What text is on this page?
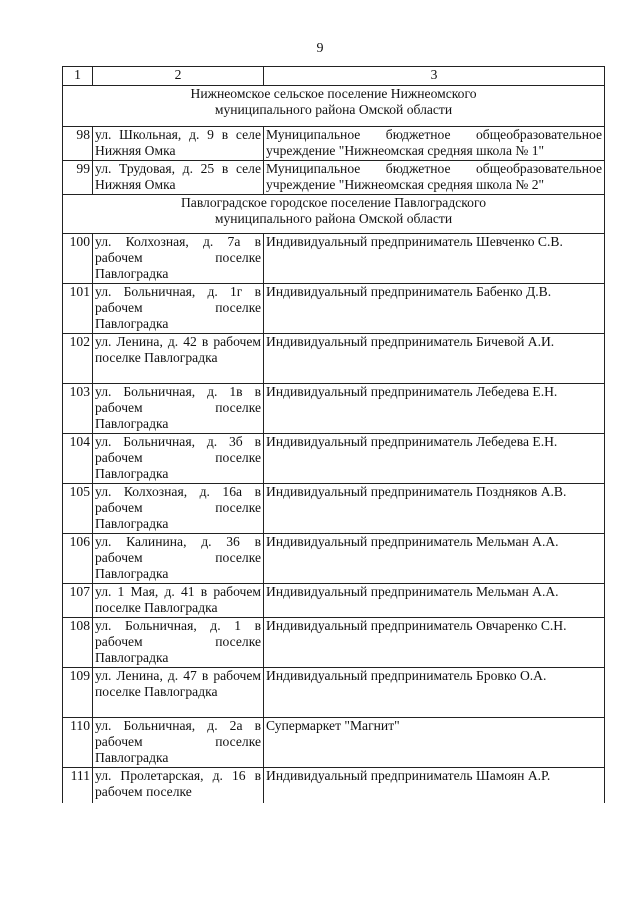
9
1	2	3

Нижнеомское сельское поселение Нижнеомского
муниципального района Омской области		

98	ул. Школьная, д. 9 в селе Нижняя Омка	Муниципальное бюджетное общеобразовательное учреждение "Нижнеомская средняя школа № 1"
99	ул. Трудовая, д. 25 в селе Нижняя Омка	Муниципальное бюджетное общеобразовательное учреждение "Нижнеомская средняя школа № 2"

Павлоградское городское поселение Павлоградского
муниципального района Омской области		

100	ул. Колхозная, д. 7а в рабочем поселке Павлоградка	Индивидуальный предприниматель Шевченко С.В.
101	ул. Больничная, д. 1г в рабочем поселке Павлоградка	Индивидуальный предприниматель Бабенко Д.В.
102	ул. Ленина, д. 42 в рабочем поселке Павлоградка	Индивидуальный предприниматель Бичевой А.И.
103	ул. Больничная, д. 1в в рабочем поселке Павлоградка	Индивидуальный предприниматель Лебедева Е.Н.
104	ул. Больничная, д. 3б в рабочем поселке Павлоградка	Индивидуальный предприниматель Лебедева Е.Н.
105	ул. Колхозная, д. 16а в рабочем поселке Павлоградка	Индивидуальный предприниматель Поздняков А.В.
106	ул. Калинина, д. 36 в рабочем поселке Павлоградка	Индивидуальный предприниматель Мельман А.А.
107	ул. 1 Мая, д. 41 в рабочем поселке Павлоградка	Индивидуальный предприниматель Мельман А.А.
108	ул. Больничная, д. 1 в рабочем поселке Павлоградка	Индивидуальный предприниматель Овчаренко С.Н.
109	ул. Ленина, д. 47 в рабочем поселке Павлоградка	Индивидуальный предприниматель Бровко О.А.
110	ул. Больничная, д. 2а в рабочем поселке Павлоградка	Супермаркет "Магнит"
111	ул. Пролетарская, д. 16 в рабочем поселке	Индивидуальный предприниматель Шамоян А.Р.
